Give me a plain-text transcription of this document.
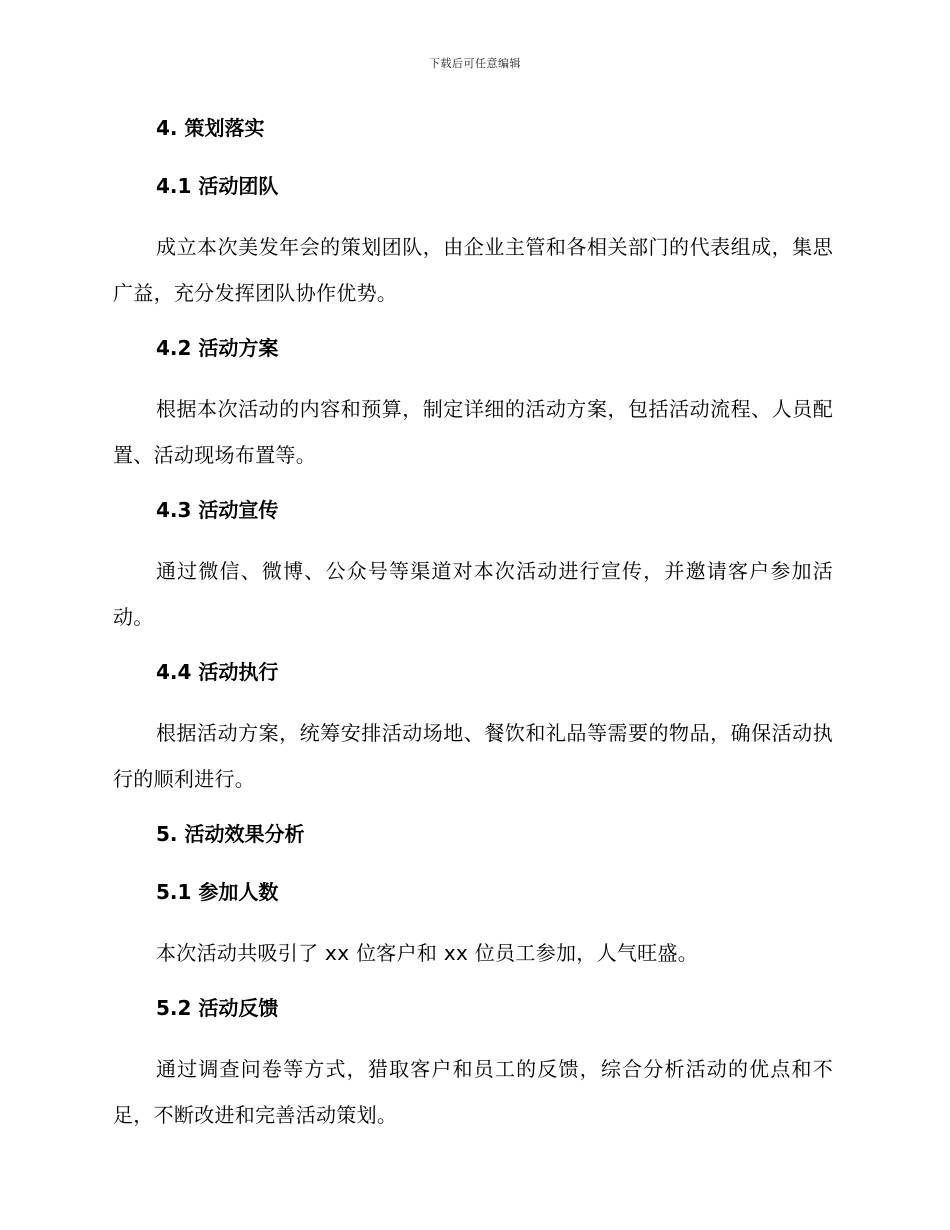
下载后可任意编辑
4. 策划落实
4.1 活动团队

成立本次美发年会的策划团队，由企业主管和各相关部门的代表组成，集思广益，充分发挥团队协作优势。

4.2 活动方案

根据本次活动的内容和预算，制定详细的活动方案，包括活动流程、人员配置、活动现场布置等。

4.3 活动宣传

通过微信、微博、公众号等渠道对本次活动进行宣传，并邀请客户参加活动。

4.4 活动执行

根据活动方案，统筹安排活动场地、餐饮和礼品等需要的物品，确保活动执行的顺利进行。

5. 活动效果分析
5.1 参加人数

本次活动共吸引了 xx 位客户和 xx 位员工参加，人气旺盛。

5.2 活动反馈

通过调查问卷等方式，猎取客户和员工的反馈，综合分析活动的优点和不足，不断改进和完善活动策划。
